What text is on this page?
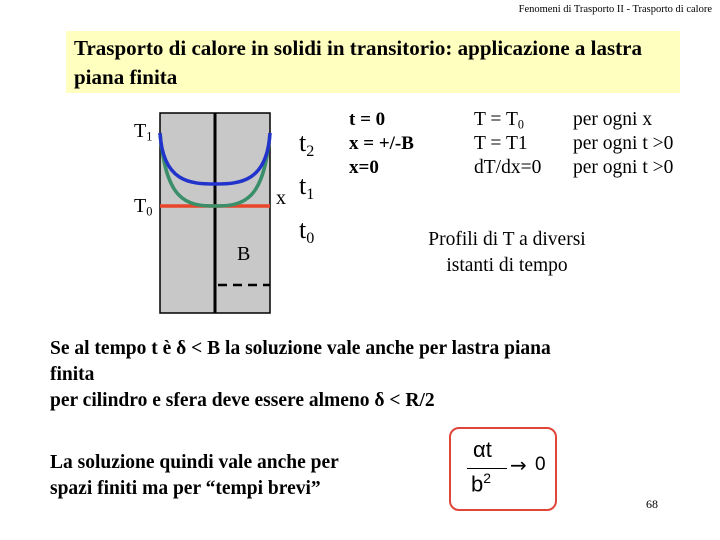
Fenomeni di Trasporto II - Trasporto di calore
Trasporto di calore in solidi in transitorio: applicazione a lastra piana finita
$T_1$
$T_0$
B
x
$t_2$
$t_1$
$t_0$
t = 0
x = +/-B
x=0
$T = T_0$
T = T1
dT/dx=0
per ogni x
per ogni t >0
per ogni t >0
Profili di T a diversi
istanti di tempo
Se al tempo t è δ < B la soluzione vale anche per lastra piana
finita
per cilindro e sfera deve essere almeno δ < R/2
La soluzione quindi vale anche per
spazi finiti ma per “tempi brevi”
αt
$b^2$
→ 0
68
